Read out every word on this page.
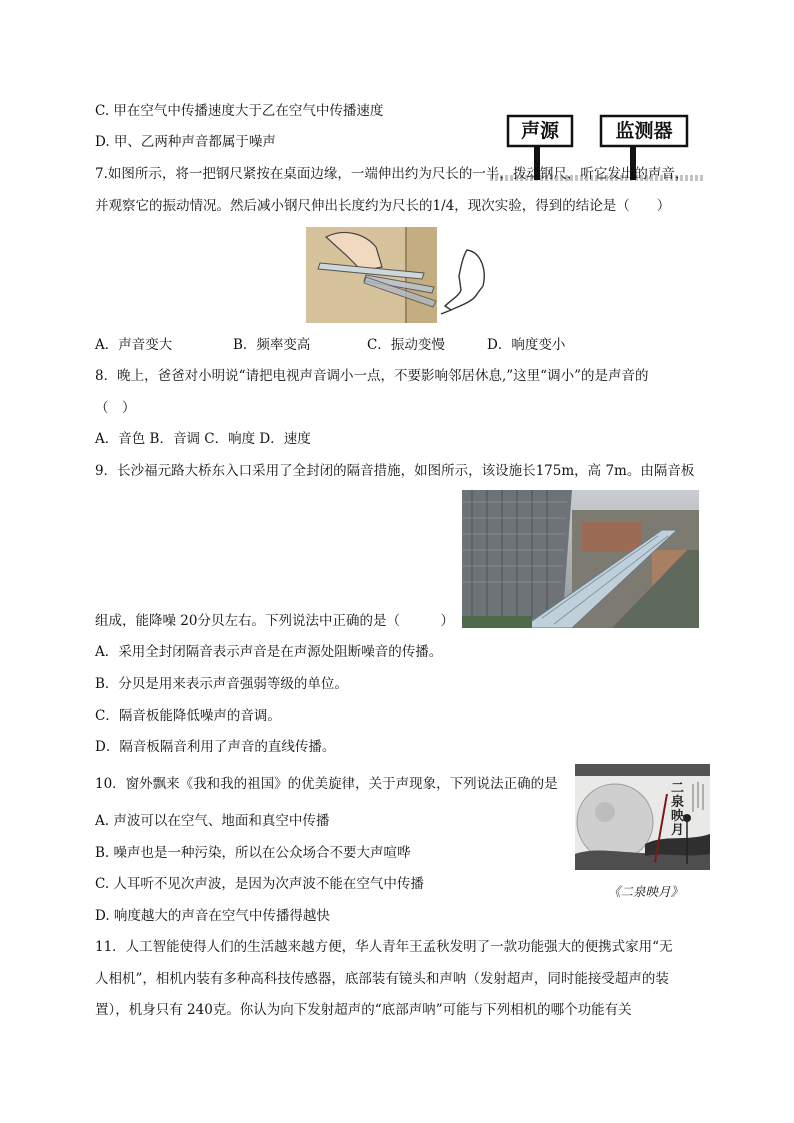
C. 甲在空气中传播速度大于乙在空气中传播速度
D. 甲、乙两种声音都属于噪声	声源	监测器
7.如图所示，将一把钢尺紧按在桌面边缘，一端伸出约为尺长的一半，拨动钢尺，听它发出的声音，
并观察它的振动情况。然后减小钢尺伸出长度约为尺长的1/4，现次实验，得到的结论是（　　）
A．声音变大	B．频率变高	C．振动变慢	D．响度变小
8．晚上，爸爸对小明说“请把电视声音调小一点，不要影响邻居休息,”这里“调小”的是声音的
（　）
A．音色 B．音调 C．响度 D．速度
9．长沙福元路大桥东入口采用了全封闭的隔音措施，如图所示，该设施长175m，高 7m。由隔音板
组成，能降噪 20分贝左右。下列说法中正确的是（　　　）
A．采用全封闭隔音表示声音是在声源处阻断噪音的传播。
B．分贝是用来表示声音强弱等级的单位。
C．隔音板能降低噪声的音调。
D．隔音板隔音利用了声音的直线传播。
10．窗外飘来《我和我的祖国》的优美旋律，关于声现象，下列说法正确的是	二泉映月
《二泉映月》
A. 声波可以在空气、地面和真空中传播
B. 噪声也是一种污染，所以在公众场合不要大声喧哗
C. 人耳听不见次声波，是因为次声波不能在空气中传播
D. 响度越大的声音在空气中传播得越快
11．人工智能使得人们的生活越来越方便，华人青年王孟秋发明了一款功能强大的便携式家用“无
人相机”，相机内装有多种高科技传感器，底部装有镜头和声呐（发射超声，同时能接受超声的装
置），机身只有 240克。你认为向下发射超声的“底部声呐”可能与下列相机的哪个功能有关
